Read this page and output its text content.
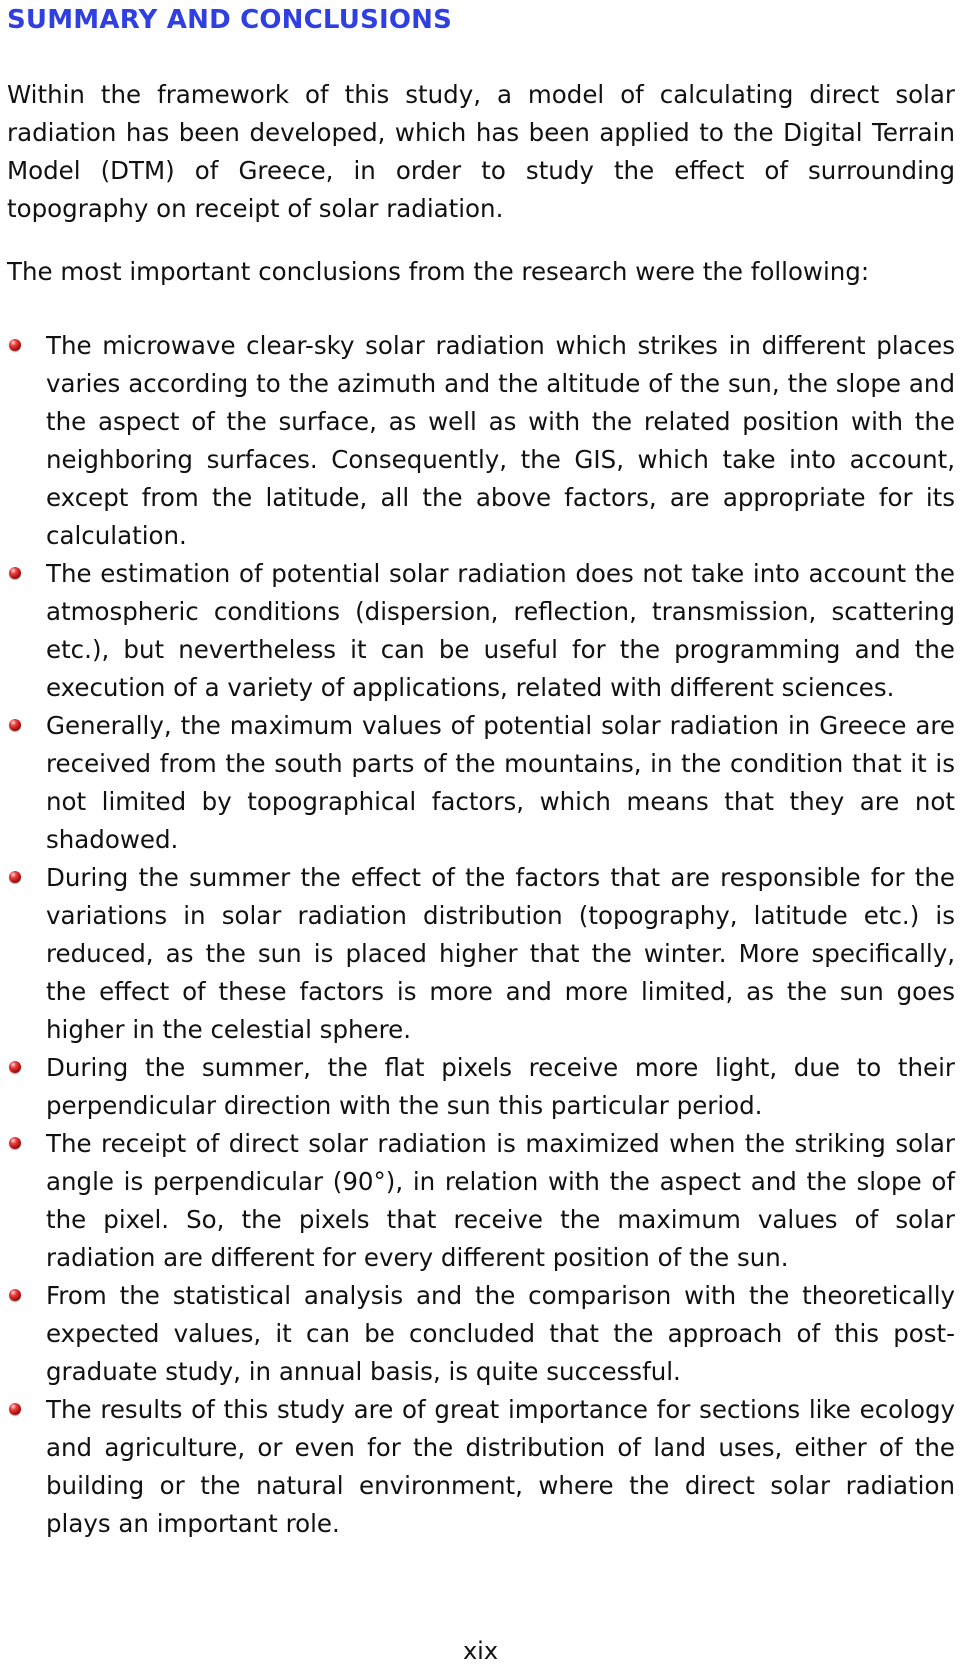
SUMMARY AND CONCLUSIONS

Within the framework of this study, a model of calculating direct solar radiation has been developed, which has been applied to the Digital Terrain Model (DTM) of Greece, in order to study the effect of surrounding topography on receipt of solar radiation.

The most important conclusions from the research were the following:

The microwave clear-sky solar radiation which strikes in different places varies according to the azimuth and the altitude of the sun, the slope and the aspect of the surface, as well as with the related position with the neighboring surfaces. Consequently, the GIS, which take into account, except from the latitude, all the above factors, are appropriate for its calculation.
The estimation of potential solar radiation does not take into account the atmospheric conditions (dispersion, reflection, transmission, scattering etc.), but nevertheless it can be useful for the programming and the execution of a variety of applications, related with different sciences.
Generally, the maximum values of potential solar radiation in Greece are received from the south parts of the mountains, in the condition that it is not limited by topographical factors, which means that they are not shadowed.
During the summer the effect of the factors that are responsible for the variations in solar radiation distribution (topography, latitude etc.) is reduced, as the sun is placed higher that the winter. More specifically, the effect of these factors is more and more limited, as the sun goes higher in the celestial sphere.
During the summer, the flat pixels receive more light, due to their perpendicular direction with the sun this particular period.
The receipt of direct solar radiation is maximized when the striking solar angle is perpendicular (90°), in relation with the aspect and the slope of the pixel. So, the pixels that receive the maximum values of solar radiation are different for every different position of the sun.
From the statistical analysis and the comparison with the theoretically expected values, it can be concluded that the approach of this post-graduate study, in annual basis, is quite successful.
The results of this study are of great importance for sections like ecology and agriculture, or even for the distribution of land uses, either of the building or the natural environment, where the direct solar radiation plays an important role.

xix
